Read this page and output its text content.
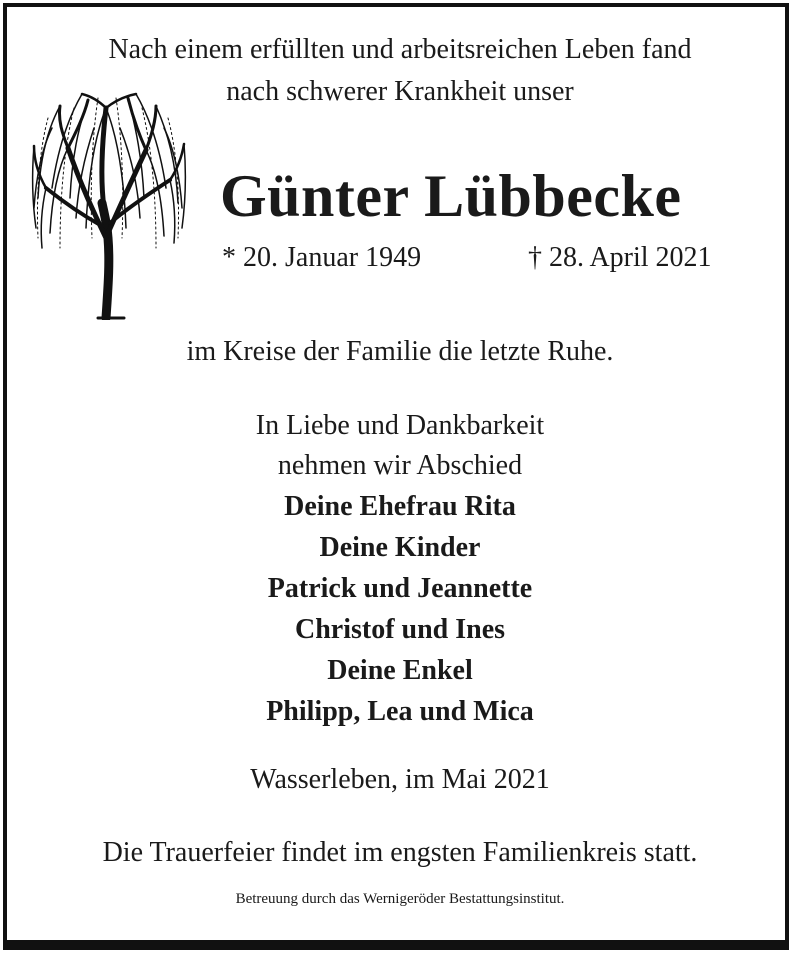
Nach einem erfüllten und arbeitsreichen Leben fand
nach schwerer Krankheit unser
Günter Lübbecke
* 20. Januar 1949	† 28. April 2021
im Kreise der Familie die letzte Ruhe.
In Liebe und Dankbarkeit
nehmen wir Abschied
Deine Ehefrau Rita
Deine Kinder
Patrick und Jeannette
Christof und Ines
Deine Enkel
Philipp, Lea und Mica
Wasserleben, im Mai 2021
Die Trauerfeier findet im engsten Familienkreis statt.
Betreuung durch das Wernigeröder Bestattungsinstitut.
